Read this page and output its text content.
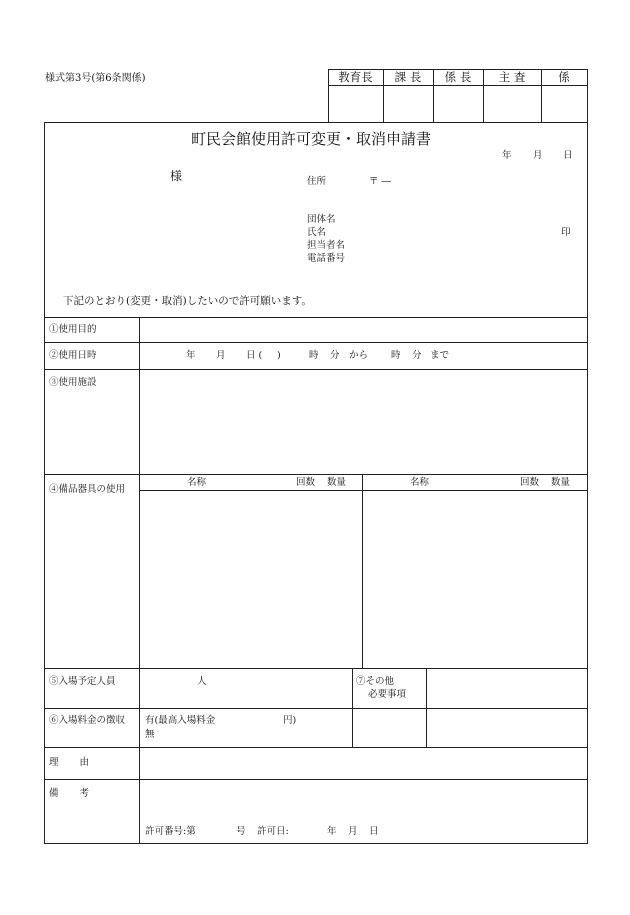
様式第3号(第6条関係)	教育長	課 長	係 長	主 査	係
町民会館使用許可変更・取消申請書
年 月 日
様	住所	〒 ―
団体名
氏名	印
担当者名
電話番号
下記のとおり(変更・取消)したいので許可願います。
①使用目的
②使用日時	年 月 日 ( )	時 分 から 時 分 まで
③使用施設
④備品器具の使用
名称	回数 数量	名称	回数 数量
⑤入場予定人員	人	⑦その他
必要事項
⑥入場料金の徴収 有(最高入場料金	円)
無
理 由
備 考
許可番号:第	号 許可日:	年 月 日
